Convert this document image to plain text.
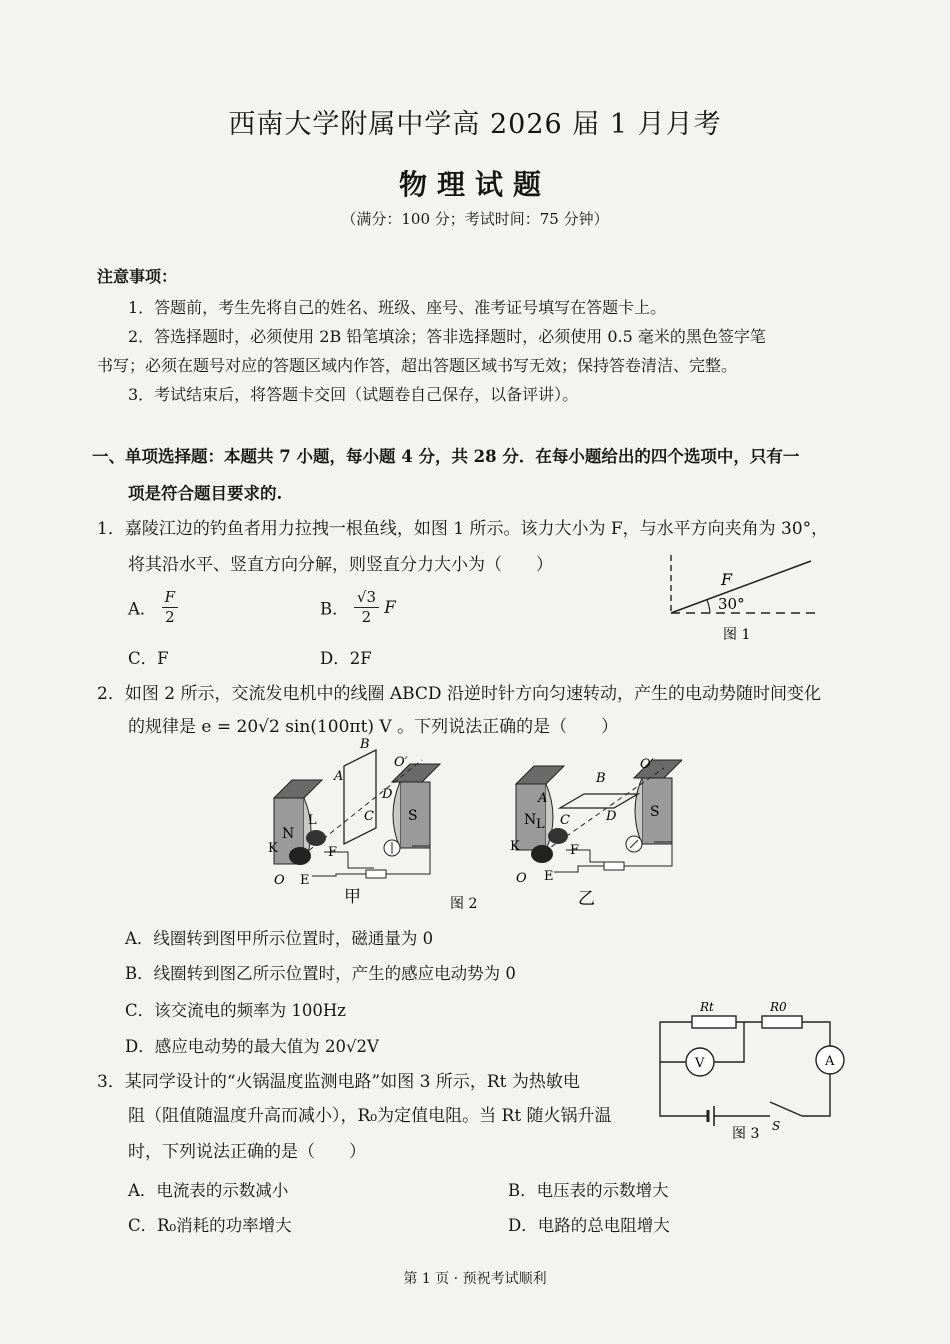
西南大学附属中学高 2026 届 1 月月考
物理试题
（满分：100 分；考试时间：75 分钟）
注意事项：
1．答题前，考生先将自己的姓名、班级、座号、准考证号填写在答题卡上。
2．答选择题时，必须使用 2B 铅笔填涂；答非选择题时，必须使用 0.5 毫米的黑色签字笔
书写；必须在题号对应的答题区域内作答，超出答题区域书写无效；保持答卷清洁、完整。
3．考试结束后，将答题卡交回（试题卷自己保存，以备评讲）。
一、单项选择题：本题共 7 小题，每小题 4 分，共 28 分．在每小题给出的四个选项中，只有一
项是符合题目要求的.
1．嘉陵江边的钓鱼者用力拉拽一根鱼线，如图 1 所示。该力大小为 F，与水平方向夹角为 30°，
将其沿水平、竖直方向分解，则竖直分力大小为（　　）
A． $\frac{F}{2}$	B． $\frac{√3}{2}$ F
C．F	D．2F
F
30°
图 1
2．如图 2 所示，交流发电机中的线圈 ABCD 沿逆时针方向匀速转动，产生的电动势随时间变化
的规律是 e = 20√2 sin(100πt) V 。下列说法正确的是（　　）
N
S
B
A
C
D
O′
K
L
F
E
O
甲	图 2
N	S
B
A
C	D
O′
K
L
F
E
O
乙
A．线圈转到图甲所示位置时，磁通量为 0
B．线圈转到图乙所示位置时，产生的感应电动势为 0
C．该交流电的频率为 100Hz
D．感应电动势的最大值为 20√2V
Rt	R0
V	A
S
图 3
3．某同学设计的“火锅温度监测电路”如图 3 所示，Rt 为热敏电
阻（阻值随温度升高而减小），R₀为定值电阻。当 Rt 随火锅升温
时，下列说法正确的是（　　）
A．电流表的示数减小	B．电压表的示数增大
C．R₀消耗的功率增大	D．电路的总电阻增大
第 1 页 · 预祝考试顺利
